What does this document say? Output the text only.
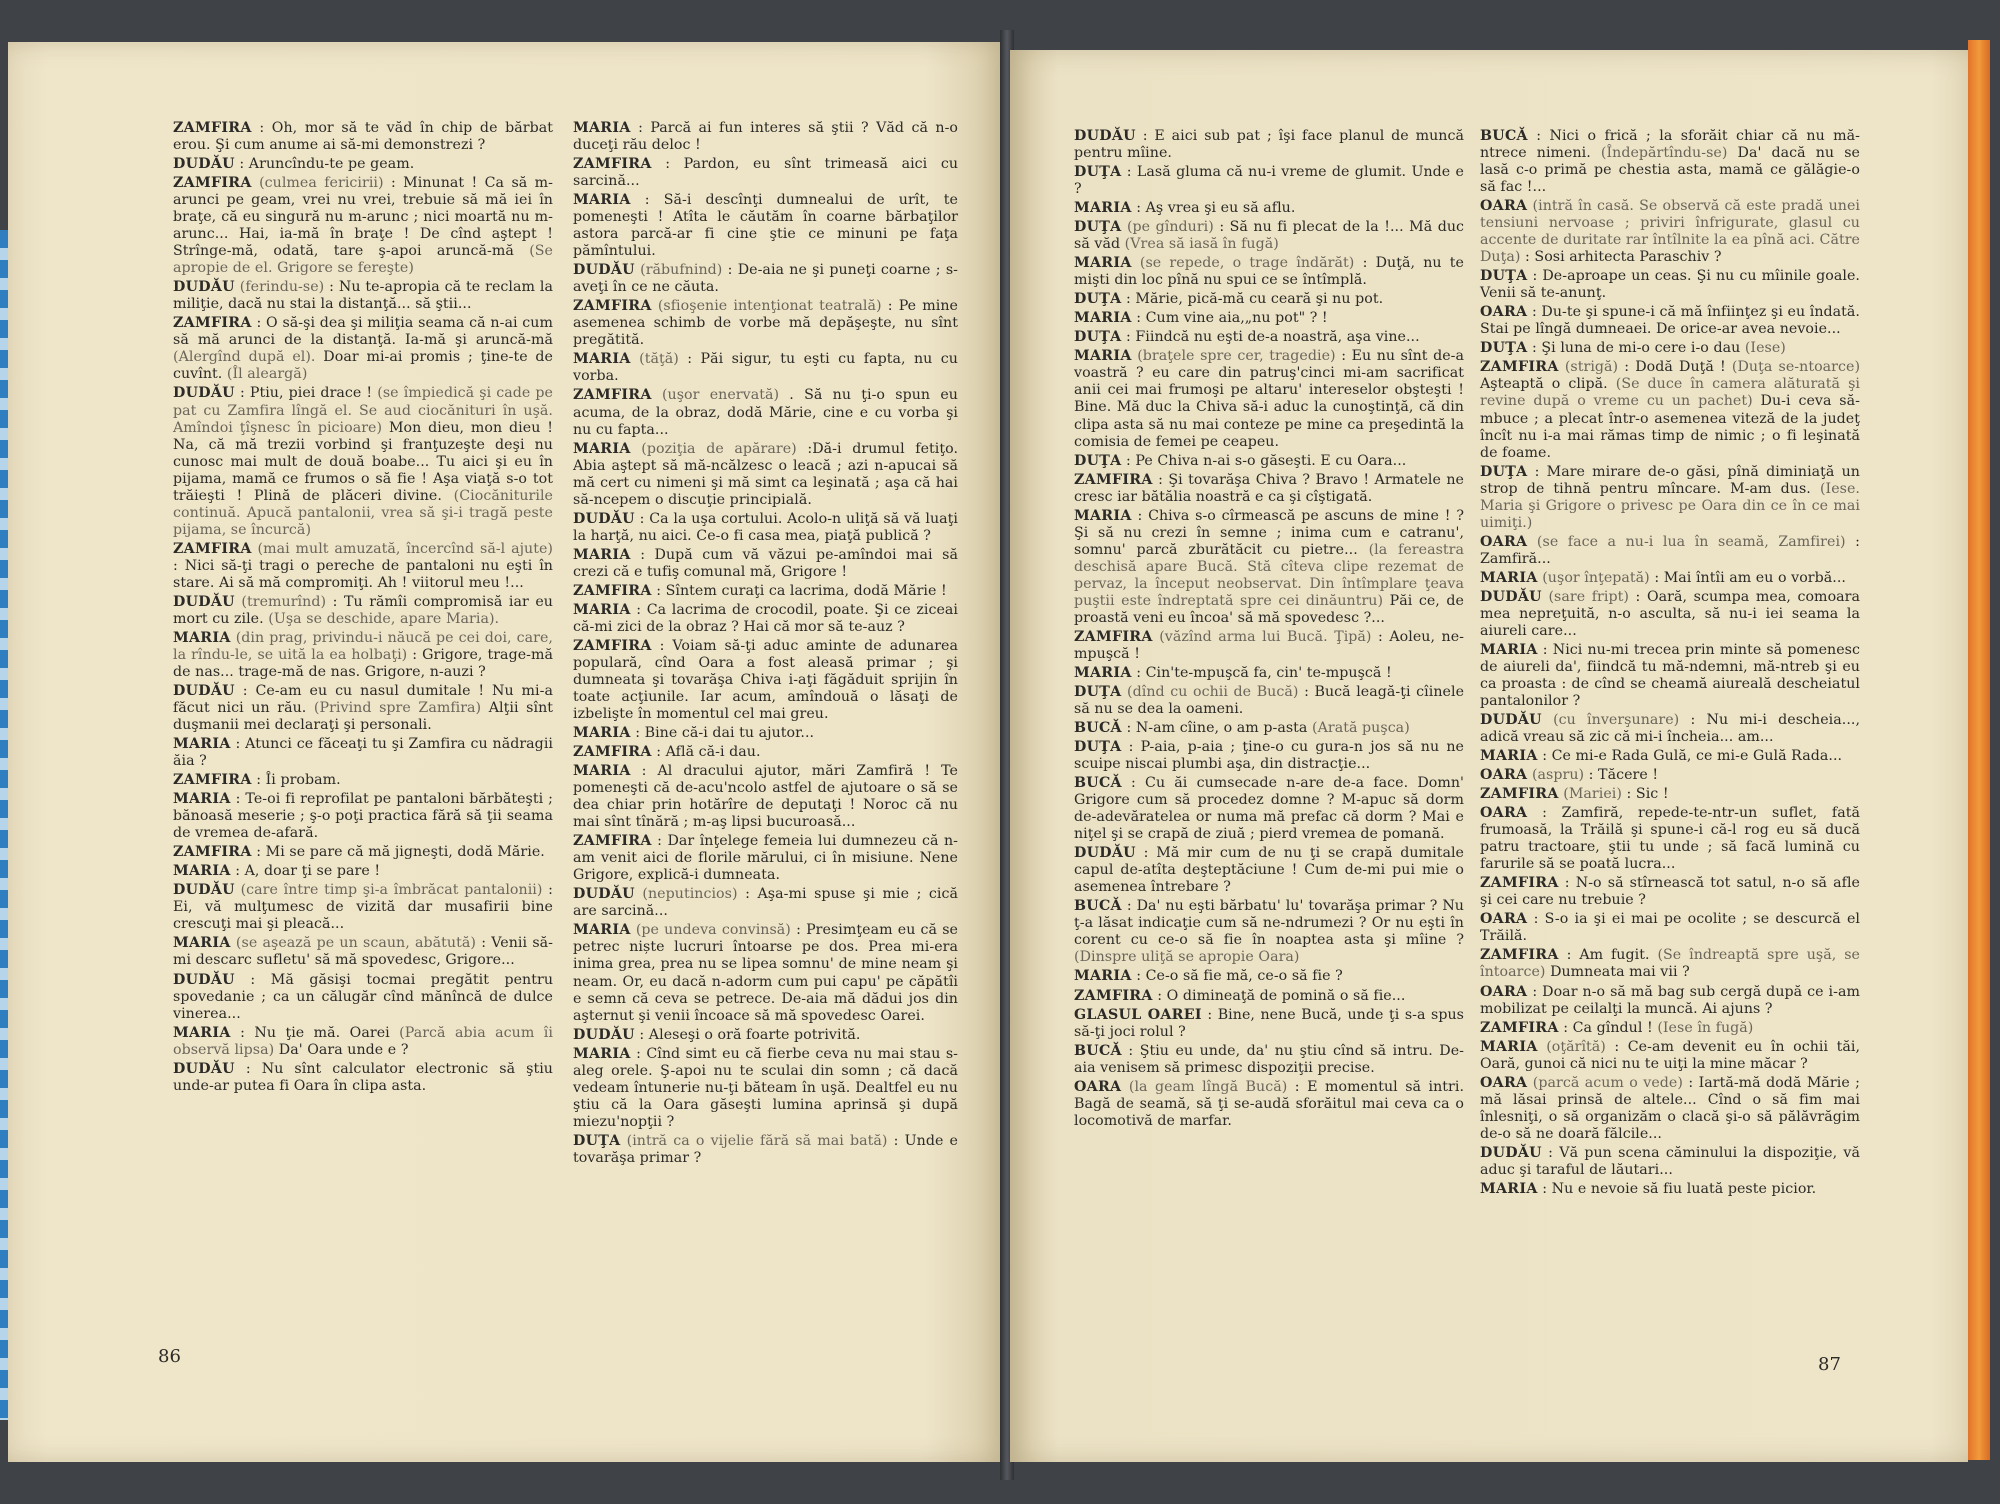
ZAMFIRA : Oh, mor să te văd în chip de bărbat erou. Şi cum anume ai să-mi demonstrezi ?

DUDĂU : Aruncîndu-te pe geam.

ZAMFIRA (culmea fericirii) : Minunat ! Ca să m-arunci pe geam, vrei nu vrei, trebuie să mă iei în braţe, că eu singură nu m-arunc ; nici moartă nu m-arunc... Hai, ia-mă în braţe ! De cînd aştept ! Strînge-mă, odată, tare ş-apoi aruncă-mă (Se apropie de el. Grigore se fereşte)

DUDĂU (ferindu-se) : Nu te-apropia că te reclam la miliţie, dacă nu stai la distanţă... să ştii...

ZAMFIRA : O să-şi dea şi miliţia seama că n-ai cum să mă arunci de la distanţă. Ia-mă şi aruncă-mă (Alergînd după el). Doar mi-ai promis ; ţine-te de cuvînt. (Îl aleargă)

DUDĂU : Ptiu, piei drace ! (se împiedică şi cade pe pat cu Zamfira lîngă el. Se aud ciocănituri în uşă. Amîndoi ţîşnesc în picioare) Mon dieu, mon dieu ! Na, că mă trezii vorbind şi franţuzeşte deşi nu cunosc mai mult de două boabe... Tu aici şi eu în pijama, mamă ce frumos o să fie ! Aşa viaţă s-o tot trăieşti ! Plină de plăceri divine. (Ciocăniturile continuă. Apucă pantalonii, vrea să şi-i tragă peste pijama, se încurcă)

ZAMFIRA (mai mult amuzată, încercînd să-l ajute) : Nici să-ţi tragi o pereche de pantaloni nu eşti în stare. Ai să mă compromiţi. Ah ! viitorul meu !...

DUDĂU (tremurînd) : Tu rămîi compromisă iar eu mort cu zile. (Uşa se deschide, apare Maria).

MARIA (din prag, privindu-i năucă pe cei doi, care, la rîndu-le, se uită la ea holbaţi) : Grigore, trage-mă de nas... trage-mă de nas. Grigore, n-auzi ?

DUDĂU : Ce-am eu cu nasul dumitale ! Nu mi-a făcut nici un rău. (Privind spre Zamfira) Alţii sînt duşmanii mei declaraţi şi personali.

MARIA : Atunci ce făceaţi tu şi Zamfira cu nădragii ăia ?

ZAMFIRA : Îi probam.

MARIA : Te-oi fi reprofilat pe pantaloni bărbăteşti ; bănoasă meserie ; ş-o poţi practica fără să ţii seama de vremea de-afară.

ZAMFIRA : Mi se pare că mă jigneşti, dodă Mărie.

MARIA : A, doar ţi se pare !

DUDĂU (care între timp şi-a îmbrăcat pantalonii) : Ei, vă mulţumesc de vizită dar musafirii bine crescuţi mai şi pleacă...

MARIA (se aşează pe un scaun, abătută) : Venii să-mi descarc sufletu' să mă spovedesc, Grigore...

DUDĂU : Mă găsişi tocmai pregătit pentru spovedanie ; ca un călugăr cînd mănîncă de dulce vinerea...

MARIA : Nu ţie mă. Oarei (Parcă abia acum îi observă lipsa) Da' Oara unde e ?

DUDĂU : Nu sînt calculator electronic să ştiu unde-ar putea fi Oara în clipa asta.

MARIA : Parcă ai fun interes să ştii ? Văd că n-o duceţi rău deloc !

ZAMFIRA : Pardon, eu sînt trimeasă aici cu sarcină...

MARIA : Să-i descînţi dumnealui de urît, te pomeneşti ! Atîta le căutăm în coarne bărbaţilor astora parcă-ar fi cine ştie ce minuni pe faţa pămîntului.

DUDĂU (răbufnind) : De-aia ne şi puneţi coarne ; s-aveţi în ce ne căuta.

ZAMFIRA (sfioşenie intenţionat teatrală) : Pe mine asemenea schimb de vorbe mă depăşeşte, nu sînt pregătită.

MARIA (tăţă) : Păi sigur, tu eşti cu fapta, nu cu vorba.

ZAMFIRA (uşor enervată) . Să nu ţi-o spun eu acuma, de la obraz, dodă Mărie, cine e cu vorba şi nu cu fapta...

MARIA (poziţia de apărare) :Dă-i drumul fetiţo. Abia aştept să mă-ncălzesc o leacă ; azi n-apucai să mă cert cu nimeni şi mă simt ca leşinată ; aşa că hai să-ncepem o discuţie principială.

DUDĂU : Ca la uşa cortului. Acolo-n uliţă să vă luaţi la harţă, nu aici. Ce-o fi casa mea, piaţă publică ?

MARIA : După cum vă văzui pe-amîndoi mai să crezi că e tufiş comunal mă, Grigore !

ZAMFIRA : Sîntem curaţi ca lacrima, dodă Mărie !

MARIA : Ca lacrima de crocodil, poate. Şi ce ziceai că-mi zici de la obraz ? Hai că mor să te-auz ?

ZAMFIRA : Voiam să-ţi aduc aminte de adunarea populară, cînd Oara a fost aleasă primar ; şi dumneata şi tovarăşa Chiva i-aţi făgăduit sprijin în toate acţiunile. Iar acum, amîndouă o lăsaţi de izbelişte în momentul cel mai greu.

MARIA : Bine că-i dai tu ajutor...

ZAMFIRA : Află că-i dau.

MARIA : Al dracului ajutor, mări Zamfiră ! Te pomeneşti că de-acu'ncolo astfel de ajutoare o să se dea chiar prin hotărîre de deputaţi ! Noroc că nu mai sînt tînără ; m-aş lipsi bucuroasă...

ZAMFIRA : Dar înţelege femeia lui dumnezeu că n-am venit aici de florile mărului, ci în misiune. Nene Grigore, explică-i dumneata.

DUDĂU (neputincios) : Aşa-mi spuse şi mie ; cică are sarcină...

MARIA (pe undeva convinsă) : Presimţeam eu că se petrec niște lucruri întoarse pe dos. Prea mi-era inima grea, prea nu se lipea somnu' de mine neam şi neam. Or, eu dacă n-adorm cum pui capu' pe căpătîi e semn că ceva se petrece. De-aia mă dădui jos din aşternut şi venii încoace să mă spovedesc Oarei.

DUDĂU : Aleseşi o oră foarte potrivită.

MARIA : Cînd simt eu că fierbe ceva nu mai stau s-aleg orele. Ş-apoi nu te sculai din somn ; că dacă vedeam întunerie nu-ţi băteam în uşă. Dealtfel eu nu ştiu că la Oara găseşti lumina aprinsă şi după miezu'nopţii ?

DUŢA (intră ca o vijelie fără să mai bată) : Unde e tovarăşa primar ?

86

DUDĂU : E aici sub pat ; îşi face planul de muncă pentru mîine.

DUŢA : Lasă gluma că nu-i vreme de glumit. Unde e ?

MARIA : Aş vrea şi eu să aflu.

DUŢA (pe gînduri) : Să nu fi plecat de la !... Mă duc să văd (Vrea să iasă în fugă)

MARIA (se repede, o trage îndărăt) : Duţă, nu te mişti din loc pînă nu spui ce se întîmplă.

DUŢA : Mărie, pică-mă cu ceară şi nu pot.

MARIA : Cum vine aia,„nu pot" ? !

DUŢA : Fiindcă nu eşti de-a noastră, aşa vine...

MARIA (braţele spre cer, tragedie) : Eu nu sînt de-a voastră ? eu care din patruş'cinci mi-am sacrificat anii cei mai frumoşi pe altaru' intereselor obşteşti ! Bine. Mă duc la Chiva să-i aduc la cunoştinţă, că din clipa asta să nu mai conteze pe mine ca preşedintă la comisia de femei pe ceapeu.

DUŢA : Pe Chiva n-ai s-o găseşti. E cu Oara...

ZAMFIRA : Şi tovarăşa Chiva ? Bravo ! Armatele ne cresc iar bătălia noastră e ca şi cîştigată.

MARIA : Chiva s-o cîrmească pe ascuns de mine ! ? Şi să nu crezi în semne ; inima cum e catranu', somnu' parcă zburătăcit cu pietre... (la fereastra deschisă apare Bucă. Stă cîteva clipe rezemat de pervaz, la început neobservat. Din întîmplare ţeava puştii este îndreptată spre cei dinăuntru) Păi ce, de proastă veni eu încoa' să mă spovedesc ?...

ZAMFIRA (văzînd arma lui Bucă. Ţipă) : Aoleu, ne-mpuşcă !

MARIA : Cin'te-mpuşcă fa, cin' te-mpuşcă !

DUŢA (dînd cu ochii de Bucă) : Bucă leagă-ţi cîinele să nu se dea la oameni.

BUCĂ : N-am cîine, o am p-asta (Arată puşca)

DUŢA : P-aia, p-aia ; ţine-o cu gura-n jos să nu ne scuipe niscai plumbi aşa, din distracţie...

BUCĂ : Cu ăi cumsecade n-are de-a face. Domn' Grigore cum să procedez domne ? M-apuc să dorm de-adevăratelea or numa mă prefac că dorm ? Mai e niţel şi se crapă de ziuă ; pierd vremea de pomană.

DUDĂU : Mă mir cum de nu ţi se crapă dumitale capul de-atîta deşteptăciune ! Cum de-mi pui mie o asemenea întrebare ?

BUCĂ : Da' nu eşti bărbatu' lu' tovarăşa primar ? Nu ţ-a lăsat indicaţie cum să ne-ndrumezi ? Or nu eşti în corent cu ce-o să fie în noaptea asta şi mîine ? (Dinspre uliţă se apropie Oara)

MARIA : Ce-o să fie mă, ce-o să fie ?

ZAMFIRA : O dimineaţă de pomină o să fie...

GLASUL OAREI : Bine, nene Bucă, unde ţi s-a spus să-ţi joci rolul ?

BUCĂ : Ştiu eu unde, da' nu ştiu cînd să intru. De-aia venisem să primesc dispoziţii precise.

OARA (la geam lîngă Bucă) : E momentul să intri. Bagă de seamă, să ţi se-audă sforăitul mai ceva ca o locomotivă de marfar.

BUCĂ : Nici o frică ; la sforăit chiar că nu mă-ntrece nimeni. (Îndepărtîndu-se) Da' dacă nu se lasă c-o primă pe chestia asta, mamă ce gălăgie-o să fac !...

OARA (intră în casă. Se observă că este pradă unei tensiuni nervoase ; priviri înfrigurate, glasul cu accente de duritate rar întîlnite la ea pînă aci. Către Duţa) : Sosi arhitecta Paraschiv ?

DUŢA : De-aproape un ceas. Şi nu cu mîinile goale. Venii să te-anunţ.

OARA : Du-te şi spune-i că mă înfiinţez şi eu îndată. Stai pe lîngă dumneaei. De orice-ar avea nevoie...

DUŢA : Şi luna de mi-o cere i-o dau (Iese)

ZAMFIRA (strigă) : Dodă Duţă ! (Duţa se-ntoarce) Aşteaptă o clipă. (Se duce în camera alăturată şi revine după o vreme cu un pachet) Du-i ceva să-mbuce ; a plecat într-o asemenea viteză de la judeţ încît nu i-a mai rămas timp de nimic ; o fi leşinată de foame.

DUŢA : Mare mirare de-o găsi, pînă diminiaţă un strop de tihnă pentru mîncare. M-am dus. (Iese. Maria şi Grigore o privesc pe Oara din ce în ce mai uimiţi.)

OARA (se face a nu-i lua în seamă, Zamfirei) : Zamfiră...

MARIA (uşor înţepată) : Mai întîi am eu o vorbă...

DUDĂU (sare fript) : Oară, scumpa mea, comoara mea nepreţuită, n-o asculta, să nu-i iei seama la aiureli care...

MARIA : Nici nu-mi trecea prin minte să pomenesc de aiureli da', fiindcă tu mă-ndemni, mă-ntreb şi eu ca proasta : de cînd se cheamă aiureală descheiatul pantalonilor ?

DUDĂU (cu înverşunare) : Nu mi-i descheia..., adică vreau să zic că mi-i încheia... am...

MARIA : Ce mi-e Rada Gulă, ce mi-e Gulă Rada...

OARA (aspru) : Tăcere !

ZAMFIRA (Mariei) : Sic !

OARA : Zamfiră, repede-te-ntr-un suflet, fată frumoasă, la Trăilă şi spune-i că-l rog eu să ducă patru tractoare, ştii tu unde ; să facă lumină cu farurile să se poată lucra...

ZAMFIRA : N-o să stîrnească tot satul, n-o să afle şi cei care nu trebuie ?

OARA : S-o ia şi ei mai pe ocolite ; se descurcă el Trăilă.

ZAMFIRA : Am fugit. (Se îndreaptă spre uşă, se întoarce) Dumneata mai vii ?

OARA : Doar n-o să mă bag sub cergă după ce i-am mobilizat pe ceilalţi la muncă. Ai ajuns ?

ZAMFIRA : Ca gîndul ! (Iese în fugă)

MARIA (oţărîtă) : Ce-am devenit eu în ochii tăi, Oară, gunoi că nici nu te uiţi la mine măcar ?

OARA (parcă acum o vede) : Iartă-mă dodă Mărie ; mă lăsai prinsă de altele... Cînd o să fim mai înlesniţi, o să organizăm o clacă şi-o să pălăvrăgim de-o să ne doară fălcile...

DUDĂU : Vă pun scena căminului la dispoziţie, vă aduc şi taraful de lăutari...

MARIA : Nu e nevoie să fiu luată peste picior.

87
